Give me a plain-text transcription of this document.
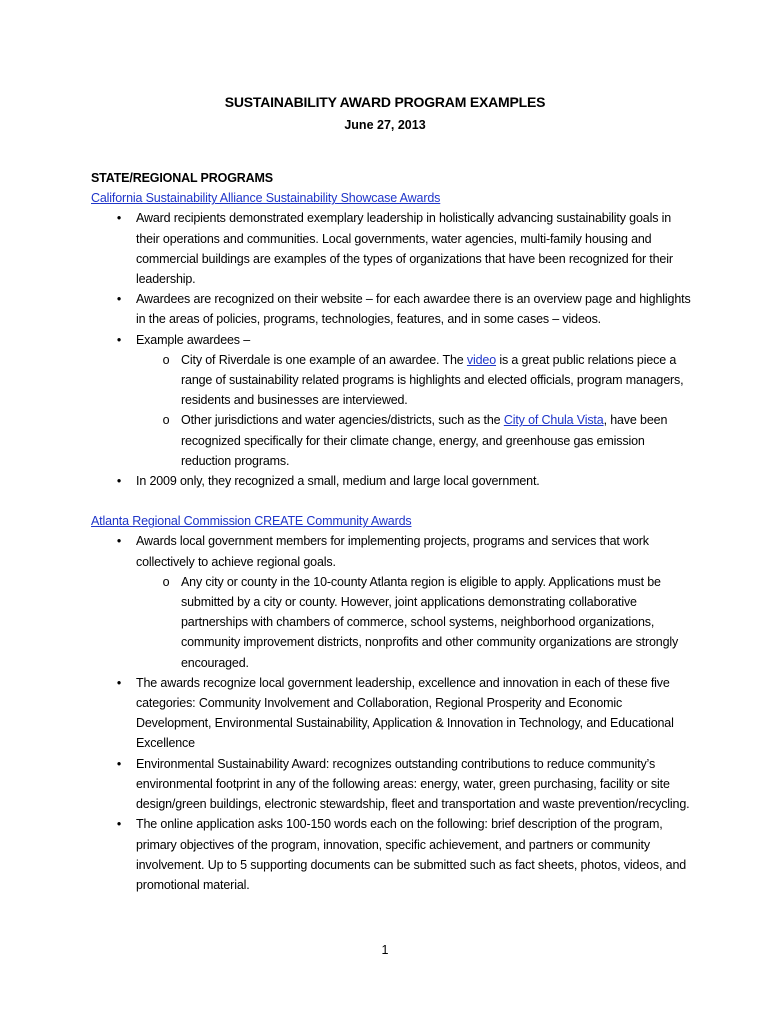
SUSTAINABILITY AWARD PROGRAM EXAMPLES
June 27, 2013
STATE/REGIONAL PROGRAMS
California Sustainability Alliance Sustainability Showcase Awards
• Award recipients demonstrated exemplary leadership in holistically advancing sustainability goals in their operations and communities. Local governments, water agencies, multi-family housing and commercial buildings are examples of the types of organizations that have been recognized for their leadership.
• Awardees are recognized on their website – for each awardee there is an overview page and highlights in the areas of policies, programs, technologies, features, and in some cases – videos.
• Example awardees –
o City of Riverdale is one example of an awardee. The video is a great public relations piece a range of sustainability related programs is highlights and elected officials, program managers, residents and businesses are interviewed.
o Other jurisdictions and water agencies/districts, such as the City of Chula Vista, have been recognized specifically for their climate change, energy, and greenhouse gas emission reduction programs.
• In 2009 only, they recognized a small, medium and large local government.
Atlanta Regional Commission CREATE Community Awards
• Awards local government members for implementing projects, programs and services that work collectively to achieve regional goals.
o Any city or county in the 10-county Atlanta region is eligible to apply. Applications must be submitted by a city or county. However, joint applications demonstrating collaborative partnerships with chambers of commerce, school systems, neighborhood organizations, community improvement districts, nonprofits and other community organizations are strongly encouraged.
• The awards recognize local government leadership, excellence and innovation in each of these five categories: Community Involvement and Collaboration, Regional Prosperity and Economic Development, Environmental Sustainability, Application & Innovation in Technology, and Educational Excellence
• Environmental Sustainability Award: recognizes outstanding contributions to reduce community’s environmental footprint in any of the following areas: energy, water, green purchasing, facility or site design/green buildings, electronic stewardship, fleet and transportation and waste prevention/recycling.
• The online application asks 100-150 words each on the following: brief description of the program, primary objectives of the program, innovation, specific achievement, and partners or community involvement. Up to 5 supporting documents can be submitted such as fact sheets, photos, videos, and promotional material.
1
